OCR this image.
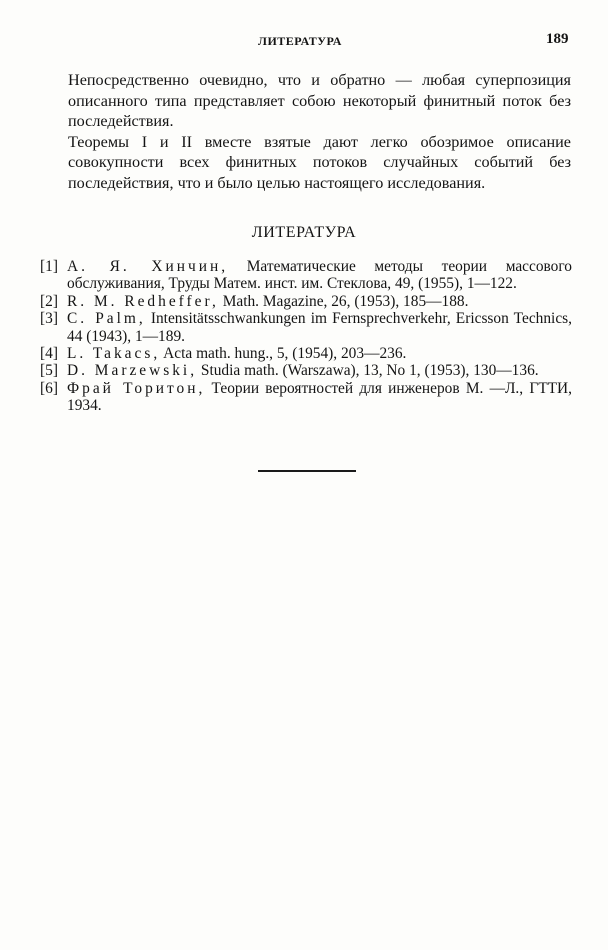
ЛИТЕРАТУРА	189

Непосредственно очевидно, что и обратно — любая суперпозиция описанного типа представляет собою некоторый финитный поток без последействия.

Теоремы I и II вместе взятые дают легко обозримое описание совокупности всех финитных потоков случайных событий без последействия, что и было целью настоящего исследования.

ЛИТЕРАТУРА
[1] А. Я. Хинчин, Математические методы теории массового обслуживания, Труды Матем. инст. им. Стеклова, 49, (1955), 1—122.
[2] R. M. Redheffer, Math. Magazine, 26, (1953), 185—188.
[3] C. Palm, Intensitätsschwankungen im Fernsprechverkehr, Ericsson Technics, 44 (1943), 1—189.
[4] L. Takacs, Acta math. hung., 5, (1954), 203—236.
[5] D. Marzewski, Studia math. (Warszawa), 13, No 1, (1953), 130—136.
[6] Фрай Торитон, Теории вероятностей для инженеров М. —Л., ГТТИ, 1934.
